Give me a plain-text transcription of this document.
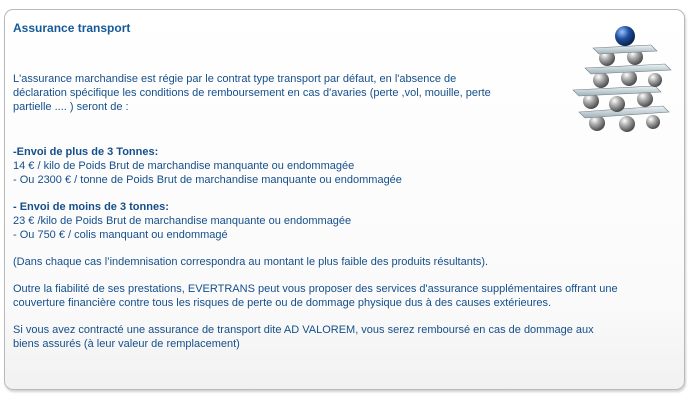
Assurance transport

L'assurance marchandise est régie par le contrat type transport par défaut, en l'absence de

déclaration spécifique les conditions de remboursement en cas d'avaries (perte ,vol, mouille, perte

partielle .... ) seront de :

-Envoi de plus de 3 Tonnes:

14 € / kilo de Poids Brut de marchandise manquante ou endommagée

- Ou 2300 € / tonne de Poids Brut de marchandise manquante ou endommagée

- Envoi de moins de 3 tonnes:

23 € /kilo de Poids Brut de marchandise manquante ou endommagée

- Ou 750 € / colis manquant ou endommagé

(Dans chaque cas l’indemnisation correspondra au montant le plus faible des produits résultants).

Outre la fiabilité de ses prestations, EVERTRANS peut vous proposer des services d'assurance supplémentaires offrant une

couverture financière contre tous les risques de perte ou de dommage physique dus à des causes extérieures.

Si vous avez contracté une assurance de transport dite AD VALOREM, vous serez remboursé en cas de dommage aux

biens assurés (à leur valeur de remplacement)
